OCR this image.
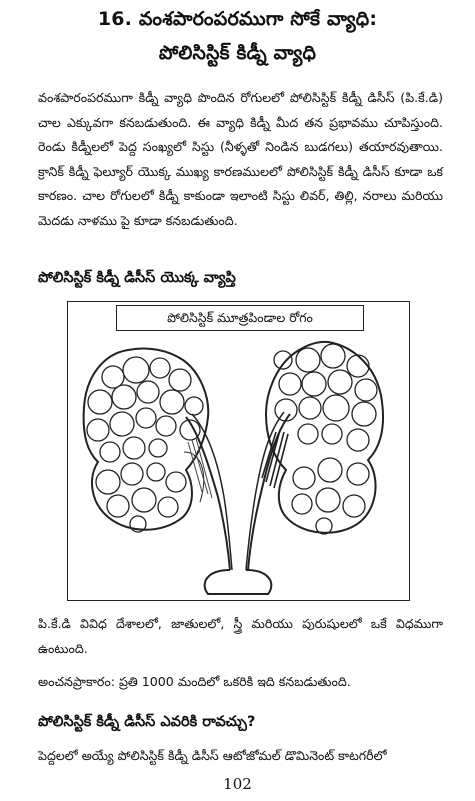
16. వంశపారంపరముగా సోకే వ్యాధి:
పోలిసిస్టిక్ కిడ్నీ వ్యాధి
వంశపారంపరముగా కిడ్నీ వ్యాధి పొందిన రోగులలో పోలిసిస్టిక్ కిడ్నీ డిసీస్ (పి.కే.డి) చాల ఎక్కువగా కనబడుతుంది. ఈ వ్యాధి కిడ్నీ మీద తన ప్రభావము చూపిస్తుంది. రెండు కిడ్నీలలో పెద్ద సంఖ్యలో సిస్టు (నీళ్ళతో నిండిన బుడగలు) తయారవుతాయి. క్రానిక్ కిడ్నీ ఫెల్యూర్ యొక్క ముఖ్య కారణములలో పోలిసిస్టిక్ కిడ్నీ డిసీస్ కూడా ఒక కారణం. చాల రోగులలో కిడ్నీ కాకుండా ఇలాంటి సిస్టు లివర్, తిల్లి, నరాలు మరియు మెదడు నాళము పై కూడా కనబడుతుంది.
పోలిసిస్టిక్ కిడ్నీ డిసీస్ యొక్క వ్యాప్తి
పోలిసిస్టిక్ మూత్రపిండాల రోగం
పి.కే.డి వివిధ దేశాలలో, జాతులలో, స్త్రీ మరియు పురుషులలో ఒకే విధముగా ఉంటుంది.
అంచనప్రాకారం: ప్రతి 1000 మందిలో ఒకరికి ఇది కనబడుతుంది.
పోలిసిస్టిక్ కిడ్నీ డిసీస్ ఎవరికి రావచ్చు?
పెద్దలలో అయ్యే పోలిసిస్టిక్ కిడ్నీ డిసీస్ ఆటోజోమల్ డొమినెంట్ కాటగరీలో
102
